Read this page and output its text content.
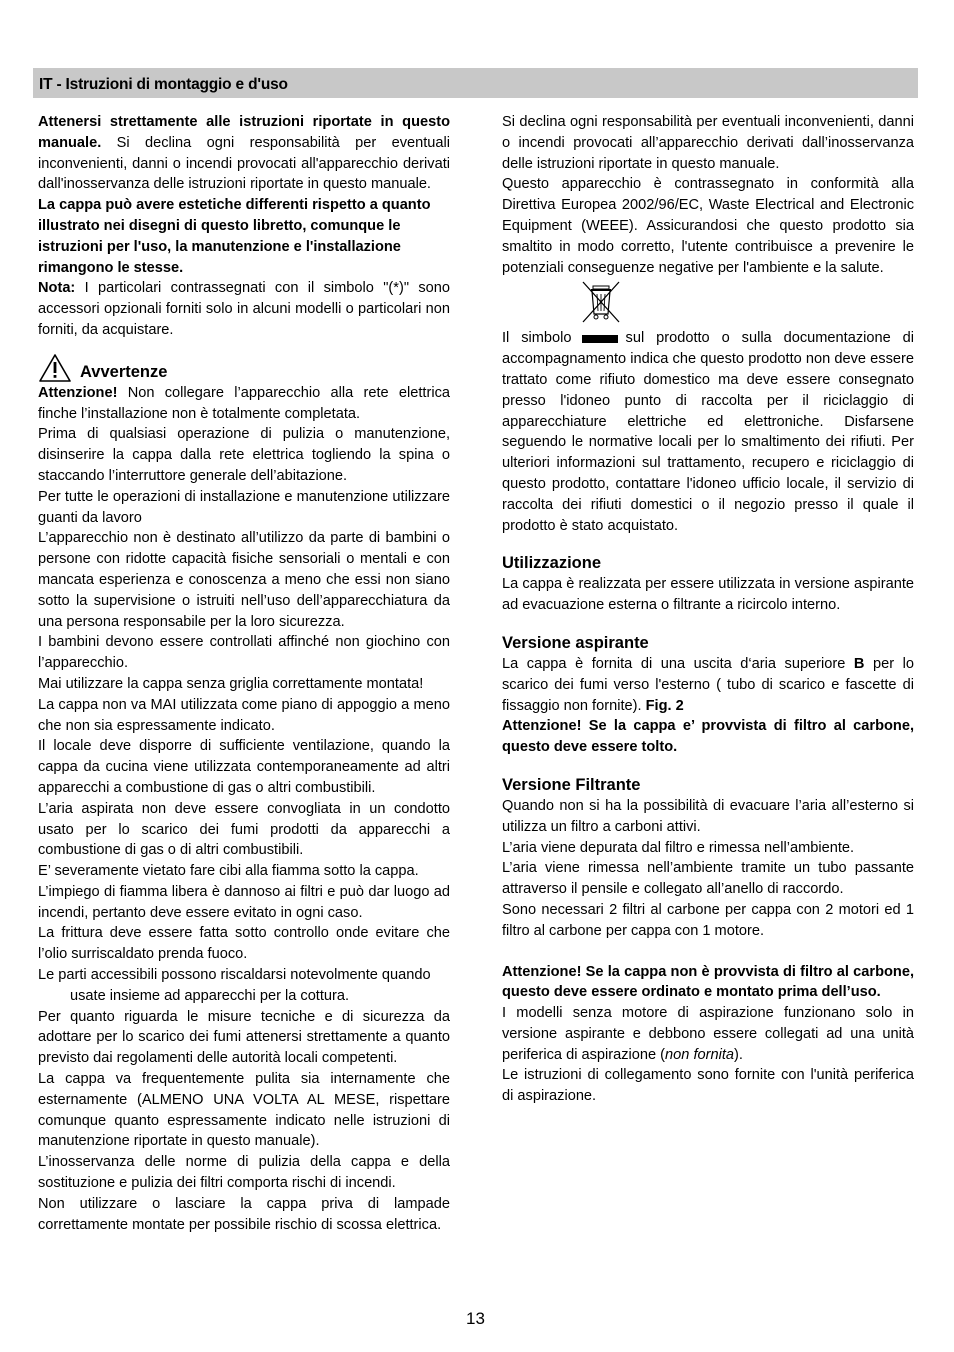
IT - Istruzioni di montaggio e d'uso

Attenersi strettamente alle istruzioni riportate in questo manuale. Si declina ogni responsabilità per eventuali inconvenienti, danni o incendi provocati all'apparecchio derivati dall'inosservanza delle istruzioni riportate in questo manuale.

La cappa può avere estetiche differenti rispetto a quanto illustrato nei disegni di questo libretto, comunque le istruzioni per l'uso, la manutenzione e l'installazione rimangono le stesse.

Nota: I particolari contrassegnati con il simbolo "(*)" sono accessori opzionali forniti solo in alcuni modelli o particolari non forniti, da acquistare.

Avvertenze

Attenzione! Non collegare l’apparecchio alla rete elettrica finche l’installazione non è totalmente completata.

Prima di qualsiasi operazione di pulizia o manutenzione, disinserire la cappa dalla rete elettrica togliendo la spina o staccando l’interruttore generale dell’abitazione.

Per tutte le operazioni di installazione e manutenzione utilizzare guanti da lavoro

L’apparecchio non è destinato all’utilizzo da parte di bambini o persone con ridotte capacità fisiche sensoriali o mentali e con mancata esperienza e conoscenza a meno che essi non siano sotto la supervisione o istruiti nell’uso dell’apparecchiatura da una persona responsabile per la loro sicurezza.

I bambini devono essere controllati affinché non giochino con l’apparecchio.

Mai utilizzare la cappa senza griglia correttamente montata!

La cappa non va MAI utilizzata come piano di appoggio a meno che non sia espressamente indicato.

Il locale deve disporre di sufficiente ventilazione, quando la cappa da cucina viene utilizzata contemporaneamente ad altri apparecchi a combustione di gas o altri combustibili.

L’aria aspirata non deve essere convogliata in un condotto usato per lo scarico dei fumi prodotti da apparecchi a combustione di gas o di altri combustibili.

E’ severamente vietato fare cibi alla fiamma sotto la cappa.

L’impiego di fiamma libera è dannoso ai filtri e può dar luogo ad incendi, pertanto deve essere evitato in ogni caso.

La frittura deve essere fatta sotto controllo onde evitare che l’olio surriscaldato prenda fuoco.

Le parti accessibili possono riscaldarsi notevolmente quando

usate insieme ad apparecchi per la cottura.

Per quanto riguarda le misure tecniche e di sicurezza da adottare per lo scarico dei fumi attenersi strettamente a quanto previsto dai regolamenti delle autorità locali competenti.

La cappa va frequentemente pulita sia internamente che esternamente (ALMENO UNA VOLTA AL MESE, rispettare comunque quanto espressamente indicato nelle istruzioni di manutenzione riportate in questo manuale).

L’inosservanza delle norme di pulizia della cappa e della sostituzione e pulizia dei filtri comporta rischi di incendi.

Non utilizzare o lasciare la cappa priva di lampade correttamente montate per possibile rischio di scossa elettrica.

Si declina ogni responsabilità per eventuali inconvenienti, danni o incendi provocati all’apparecchio derivati dall’inosservanza delle istruzioni riportate in questo manuale.

Questo apparecchio è contrassegnato in conformità alla Direttiva Europea 2002/96/EC, Waste Electrical and Electronic Equipment (WEEE). Assicurandosi che questo prodotto sia smaltito in modo corretto, l'utente contribuisce a prevenire le potenziali conseguenze negative per l'ambiente e la salute.

Il simbolo	sul prodotto o sulla documentazione di accompagnamento indica che questo prodotto non deve essere trattato come rifiuto domestico ma deve essere consegnato presso l'idoneo punto di raccolta per il riciclaggio di apparecchiature elettriche ed elettroniche. Disfarsene seguendo le normative locali per lo smaltimento dei rifiuti. Per ulteriori informazioni sul trattamento, recupero e riciclaggio di questo prodotto, contattare l'idoneo ufficio locale, il servizio di raccolta dei rifiuti domestici o il negozio presso il quale il prodotto è stato acquistato.

Utilizzazione

La cappa è realizzata per essere utilizzata in versione aspirante ad evacuazione esterna o filtrante a ricircolo interno.

Versione aspirante

La cappa è fornita di una uscita d‘aria superiore B per lo scarico dei fumi verso l'esterno ( tubo di scarico e fascette di fissaggio non fornite). Fig. 2

Attenzione! Se la cappa e’ provvista di filtro al carbone, questo deve essere tolto.

Versione Filtrante

Quando non si ha la possibilità di evacuare l’aria all’esterno si utilizza un filtro a carboni attivi.

L’aria viene depurata dal filtro e rimessa nell’ambiente.

L’aria viene rimessa nell’ambiente tramite un tubo passante attraverso il pensile e collegato all’anello di raccordo.

Sono necessari 2 filtri al carbone per cappa con 2 motori ed 1 filtro al carbone per cappa con 1 motore.

Attenzione! Se la cappa non è provvista di filtro al carbone, questo deve essere ordinato e montato prima dell’uso.

I modelli senza motore di aspirazione funzionano solo in versione aspirante e debbono essere collegati ad una unità periferica di aspirazione (non fornita).

Le istruzioni di collegamento sono fornite con l'unità periferica di aspirazione.

13
